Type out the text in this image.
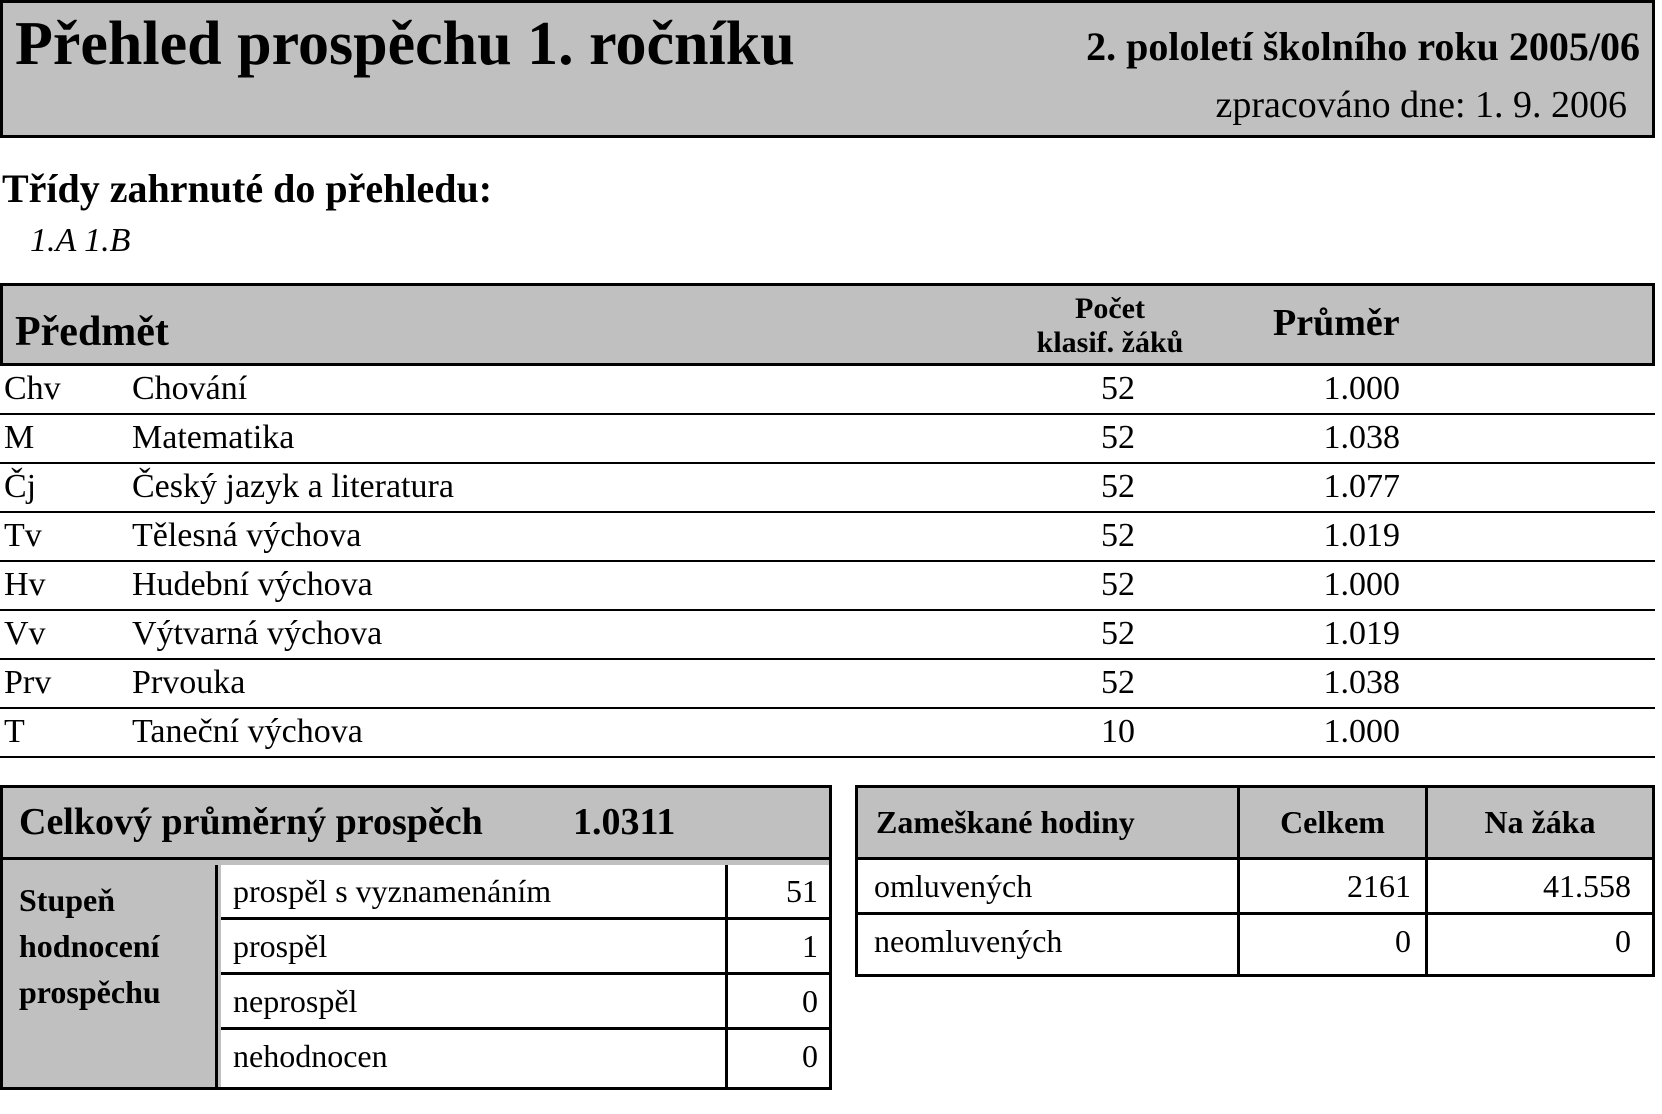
Přehled prospěchu 1. ročníku	2. pololetí školního roku 2005/06
zpracováno dne: 1. 9. 2006
Třídy zahrnuté do přehledu:
1.A 1.B
Předmět
Počet
klasif. žáků	Průměr
Chv Chování	52	1.000
M	Matematika	52	1.038
Čj	Český jazyk a literatura	52	1.077
Tv	Tělesná výchova	52	1.019
Hv	Hudební výchova	52	1.000
Vv	Výtvarná výchova	52	1.019
Prv Prvouka	52	1.038
T	Taneční výchova	10	1.000
Celkový průměrný prospěch 1.0311
Stupeň
hodnocení
prospěchu
prospěl s vyznamenáním	51
prospěl	1
neprospěl	0
nehodnocen	0
Zameškané hodiny	Celkem	Na žáka
omluvených	2161	41.558
neomluvených	0	0
